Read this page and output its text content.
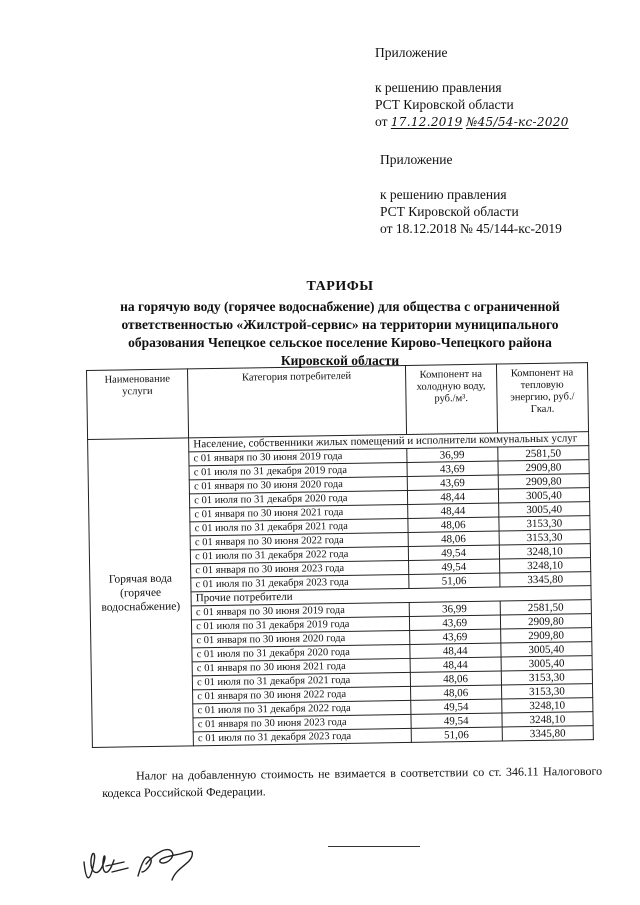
Приложение
к решению правления
РСТ Кировской области
от 17.12.2019 №45/54-кс-2020
Приложение
к решению правления
РСТ Кировской области
от 18.12.2018 № 45/144-кс-2019
ТАРИФЫ
на горячую воду (горячее водоснабжение) для общества с ограниченной
ответственностью «Жилстрой-сервис» на территории муниципального
образования Чепецкое сельское поселение Кирово-Чепецкого района
Кировской области
Наименование услуги	Категория потребителей	Компонент на холодную воду, руб./м³.	Компонент на тепловую энергию, руб./Гкал.
Горячая вода (горячее водоснабжение)	Население, собственники жилых помещений и исполнители коммунальных услуг		
	с 01 января по 30 июня 2019 года	36,99	2581,50
	с 01 июля по 31 декабря 2019 года	43,69	2909,80
	с 01 января по 30 июня 2020 года	43,69	2909,80
	с 01 июля по 31 декабря 2020 года	48,44	3005,40
	с 01 января по 30 июня 2021 года	48,44	3005,40
	с 01 июля по 31 декабря 2021 года	48,06	3153,30
	с 01 января по 30 июня 2022 года	48,06	3153,30
	с 01 июля по 31 декабря 2022 года	49,54	3248,10
	с 01 января по 30 июня 2023 года	49,54	3248,10
	с 01 июля по 31 декабря 2023 года	51,06	3345,80
	Прочие потребители		
	с 01 января по 30 июня 2019 года	36,99	2581,50
	с 01 июля по 31 декабря 2019 года	43,69	2909,80
	с 01 января по 30 июня 2020 года	43,69	2909,80
	с 01 июля по 31 декабря 2020 года	48,44	3005,40
	с 01 января по 30 июня 2021 года	48,44	3005,40
	с 01 июля по 31 декабря 2021 года	48,06	3153,30
	с 01 января по 30 июня 2022 года	48,06	3153,30
	с 01 июля по 31 декабря 2022 года	49,54	3248,10
	с 01 января по 30 июня 2023 года	49,54	3248,10
	с 01 июля по 31 декабря 2023 года	51,06	3345,80
Налог на добавленную стоимость не взимается в соответствии со ст. 346.11 Налогового кодекса Российской Федерации.
